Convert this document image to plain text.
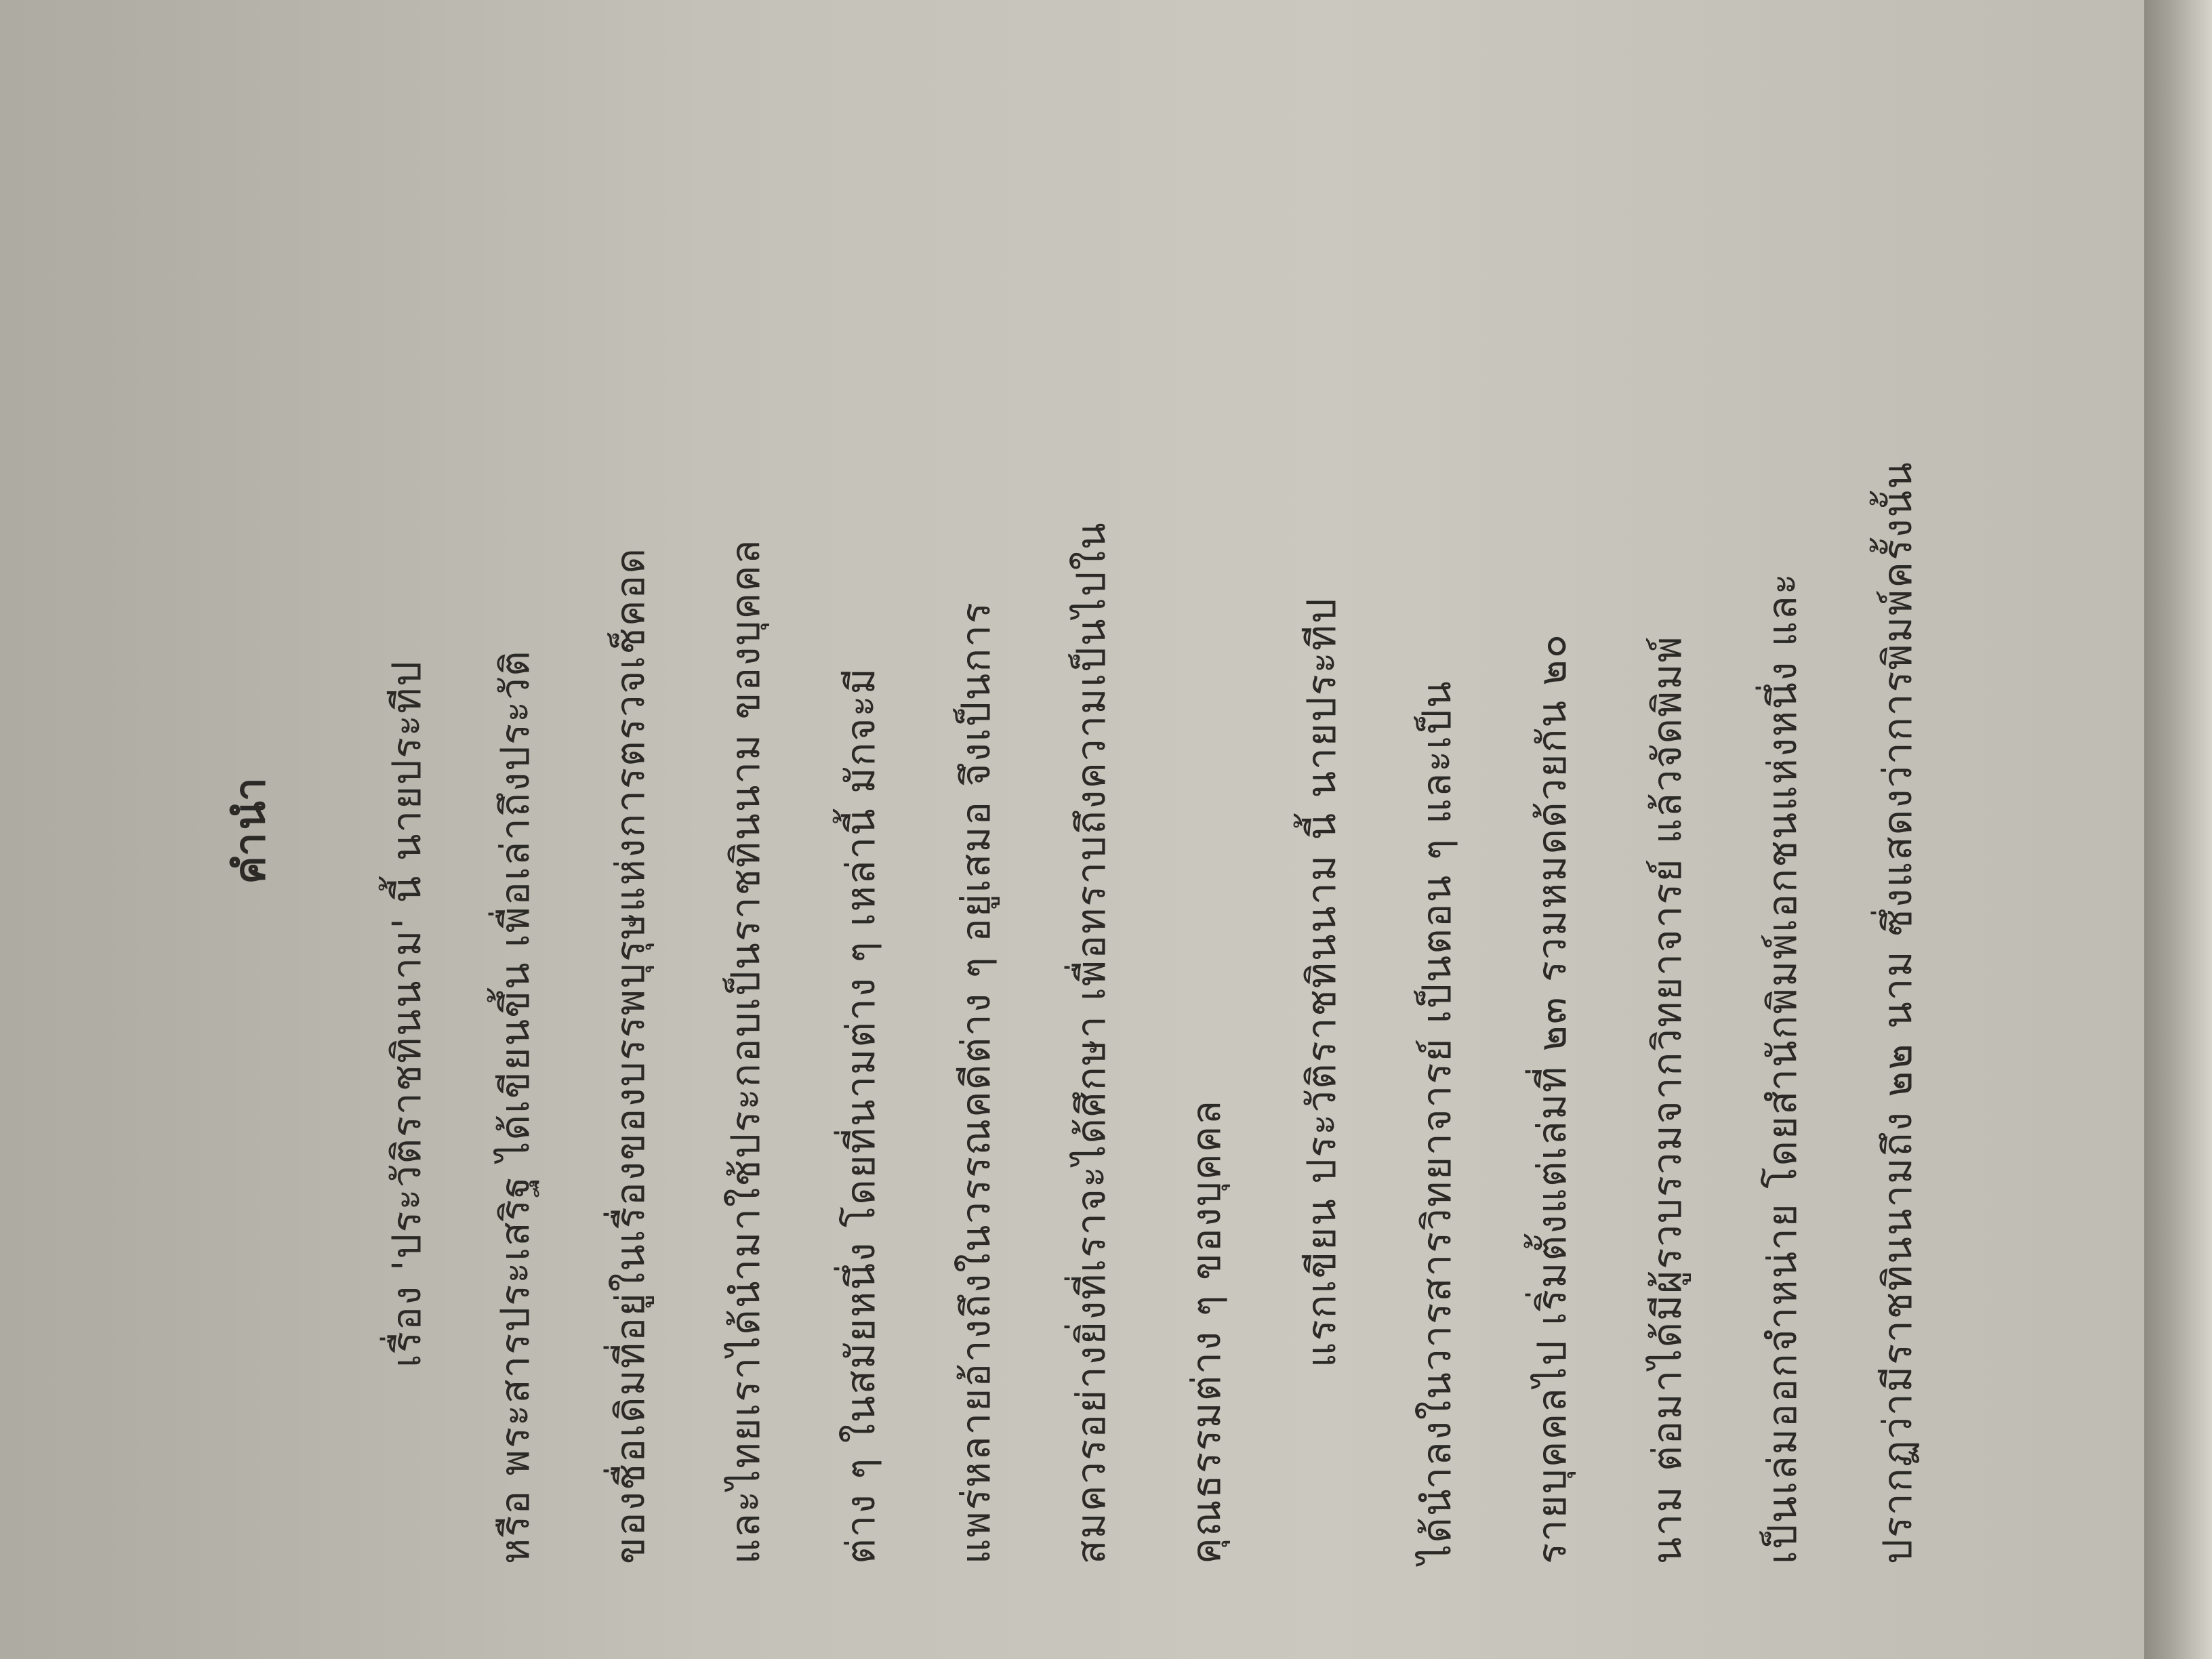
คำนำ	เรื่อง 'ประวัติราชทินนาม' นี้ นายประทีป หรือ พระสารประเสริฐ ได้เขียนขึ้น เพื่อเล่าถึงประวัติ ของชื่อเดิมที่อยู่ในเรื่องของบรรพบุรุษแห่งการตรวจเช็คอด และไทยเราได้นำมาใช้ประกอบเป็นราชทินนาม ของบุคคล ต่าง ๆ ในสมัยหนึ่ง โดยที่นามต่าง ๆ เหล่านี้ มักจะมี แพร่หลายอ้างถึงในวรรณคดีต่าง ๆ อยู่เสมอ จึงเป็นการ สมควรอย่างยิ่งที่เราจะได้ศึกษา เพื่อทราบถึงความเป็นไปใน คุณธรรมต่าง ๆ ของบุคคล แรกเขียน ประวัติราชทินนาม นี้ นายประทีป ได้นำลงในวารสารวิทยาจารย์ เป็นตอน ๆ และเป็น รายบุคคลไป เริ่มตั้งแต่เล่มที่ ๒๓ รวมหมดด้วยกัน ๒๐ นาม ต่อมาได้มีผู้รวบรวมจากวิทยาจารย์ แล้วจัดพิมพ์ เป็นเล่มออกจำหน่าย โดยสำนักพิมพ์เอกชนแห่งหนึ่ง และ ปรากฏว่ามีราชทินนามถึง ๒๒ นาม ซึ่งแสดงว่าการพิมพ์ครั้งนั้น
